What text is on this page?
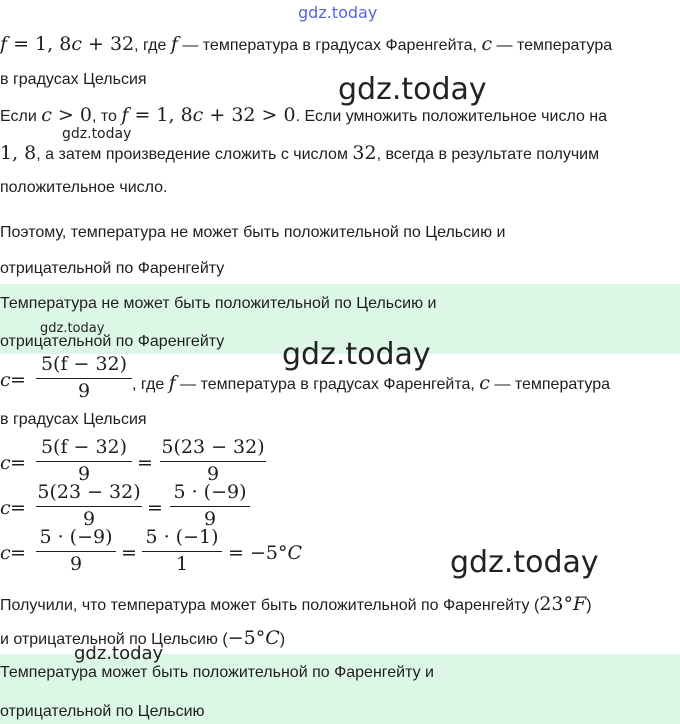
gdz.today
f = 1, 8c + 32, где f — температура в градусах Фаренгейта, c — температура
в градусах Цельсия	gdz.today
Если c > 0, то f = 1, 8c + 32 > 0. Если умножить положительное число на
gdz.today
1, 8, а затем произведение сложить с числом 32, всегда в результате получим
положительное число.
Поэтому, температура не может быть положительной по Цельсию и
отрицательной по Фаренгейту
Температура не может быть положительной по Цельсию и
отрицательной по Фаренгейту
gdz.today
gdz.today
c =
5(f − 32)
9	, где f — температура в градусах Фаренгейта, c — температура
в градусах Цельсия
c =
5(f − 32)
9	=
5(23 − 32)
9
c =
5(23 − 32)
9	=
5 · (−9)
9
c =
5 · (−9)
9	=
5 · (−1)
1	= −5°C	gdz.today
Получили, что температура может быть положительной по Фаренгейту (23°F)
и отрицательной по Цельсию (−5°C)
Температура может быть положительной по Фаренгейту и
отрицательной по Цельсию
gdz.today
